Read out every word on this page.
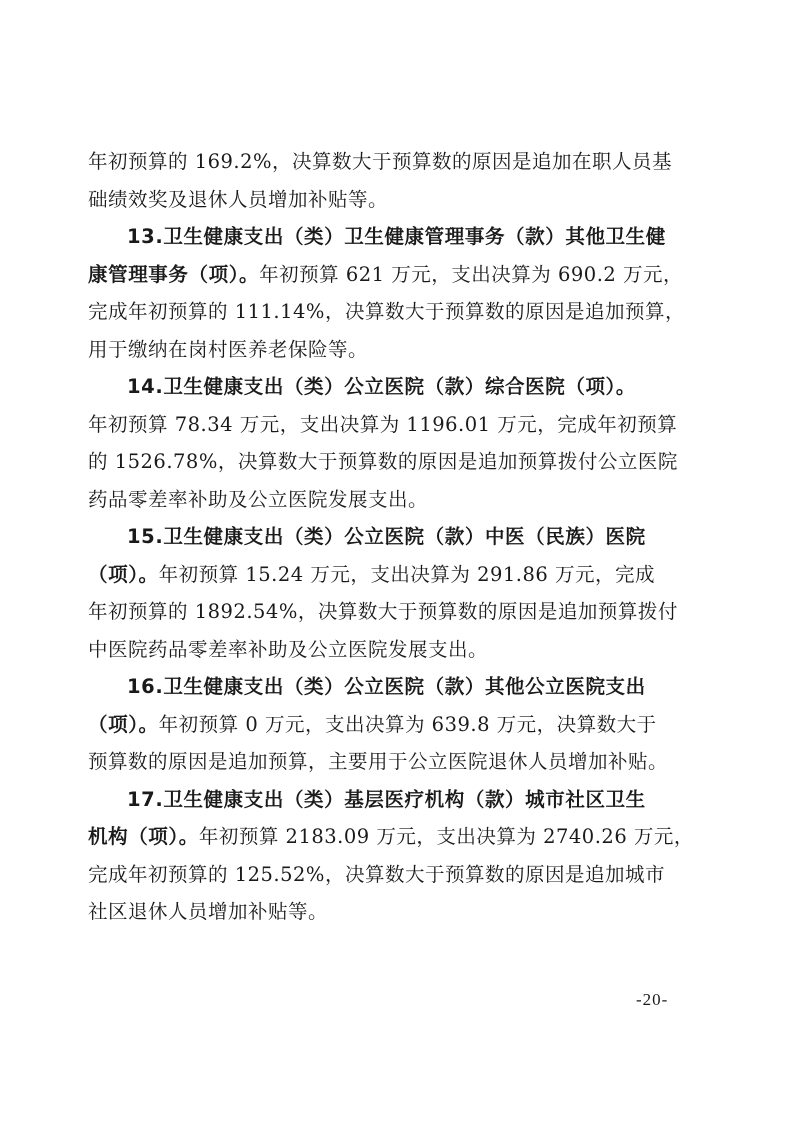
年初预算的 169.2%，决算数大于预算数的原因是追加在职人员基
础绩效奖及退休人员增加补贴等。
13.卫生健康支出（类）卫生健康管理事务（款）其他卫生健
康管理事务（项）。年初预算 621 万元，支出决算为 690.2 万元，
完成年初预算的 111.14%，决算数大于预算数的原因是追加预算，
用于缴纳在岗村医养老保险等。
14.卫生健康支出（类）公立医院（款）综合医院（项）。
年初预算 78.34 万元，支出决算为 1196.01 万元，完成年初预算
的 1526.78%，决算数大于预算数的原因是追加预算拨付公立医院
药品零差率补助及公立医院发展支出。
15.卫生健康支出（类）公立医院（款）中医（民族）医院
（项）。年初预算 15.24 万元，支出决算为 291.86 万元，完成
年初预算的 1892.54%，决算数大于预算数的原因是追加预算拨付
中医院药品零差率补助及公立医院发展支出。
16.卫生健康支出（类）公立医院（款）其他公立医院支出
（项）。年初预算 0 万元，支出决算为 639.8 万元，决算数大于
预算数的原因是追加预算，主要用于公立医院退休人员增加补贴。
17.卫生健康支出（类）基层医疗机构（款）城市社区卫生
机构（项）。年初预算 2183.09 万元，支出决算为 2740.26 万元，
完成年初预算的 125.52%，决算数大于预算数的原因是追加城市
社区退休人员增加补贴等。
-20-
